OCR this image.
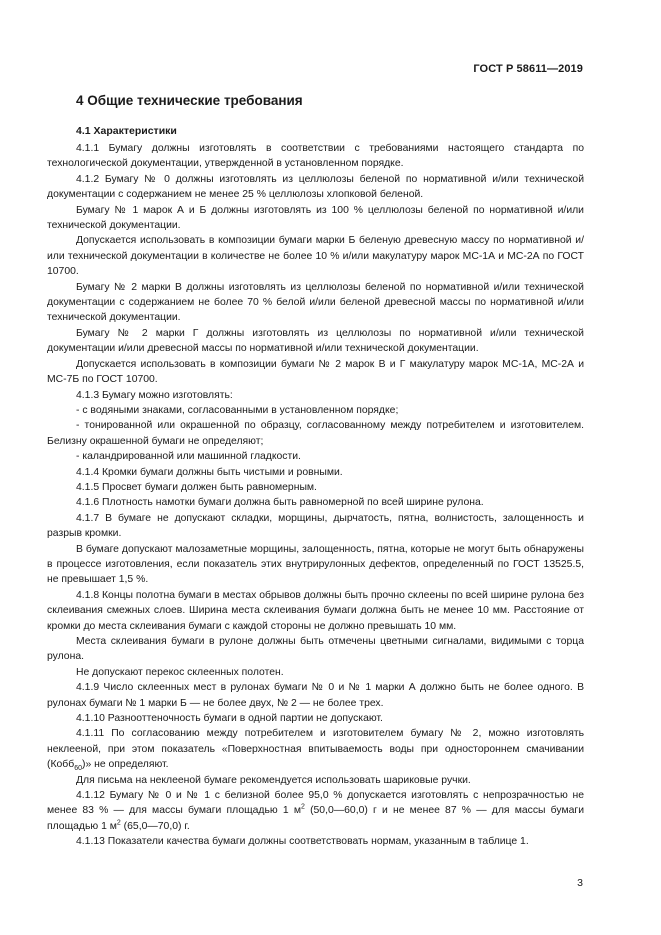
ГОСТ Р 58611—2019
4 Общие технические требования
4.1 Характеристики

4.1.1 Бумагу должны изготовлять в соответствии с требованиями настоящего стандарта по технологической документации, утвержденной в установленном порядке.

4.1.2 Бумагу № 0 должны изготовлять из целлюлозы беленой по нормативной и/или технической документации с содержанием не менее 25 % целлюлозы хлопковой беленой.

Бумагу № 1 марок А и Б должны изготовлять из 100 % целлюлозы беленой по нормативной и/или технической документации.

Допускается использовать в композиции бумаги марки Б беленую древесную массу по нормативной и/или технической документации в количестве не более 10 % и/или макулатуру марок МС-1А и МС-2А по ГОСТ 10700.

Бумагу № 2 марки В должны изготовлять из целлюлозы беленой по нормативной и/или технической документации с содержанием не более 70 % белой и/или беленой древесной массы по нормативной и/или технической документации.

Бумагу № 2 марки Г должны изготовлять из целлюлозы по нормативной и/или технической документации и/или древесной массы по нормативной и/или технической документации.

Допускается использовать в композиции бумаги № 2 марок В и Г макулатуру марок МС-1А, МС-2А и МС-7Б по ГОСТ 10700.

4.1.3 Бумагу можно изготовлять:

- с водяными знаками, согласованными в установленном порядке;

- тонированной или окрашенной по образцу, согласованному между потребителем и изготовителем. Белизну окрашенной бумаги не определяют;

- каландрированной или машинной гладкости.

4.1.4 Кромки бумаги должны быть чистыми и ровными.

4.1.5 Просвет бумаги должен быть равномерным.

4.1.6 Плотность намотки бумаги должна быть равномерной по всей ширине рулона.

4.1.7 В бумаге не допускают складки, морщины, дырчатость, пятна, волнистость, залощенность и разрыв кромки.

В бумаге допускают малозаметные морщины, залощенность, пятна, которые не могут быть обнаружены в процессе изготовления, если показатель этих внутрирулонных дефектов, определенный по ГОСТ 13525.5, не превышает 1,5 %.

4.1.8 Концы полотна бумаги в местах обрывов должны быть прочно склеены по всей ширине рулона без склеивания смежных слоев. Ширина места склеивания бумаги должна быть не менее 10 мм. Расстояние от кромки до места склеивания бумаги с каждой стороны не должно превышать 10 мм.

Места склеивания бумаги в рулоне должны быть отмечены цветными сигналами, видимыми с торца рулона.

Не допускают перекос склеенных полотен.

4.1.9 Число склеенных мест в рулонах бумаги № 0 и № 1 марки А должно быть не более одного. В рулонах бумаги № 1 марки Б — не более двух, № 2 — не более трех.

4.1.10 Разнооттеночность бумаги в одной партии не допускают.

4.1.11 По согласованию между потребителем и изготовителем бумагу № 2, можно изготовлять неклееной, при этом показатель «Поверхностная впитываемость воды при одностороннем смачивании (Кобб$_{60}$)» не определяют.

Для письма на неклееной бумаге рекомендуется использовать шариковые ручки.

4.1.12 Бумагу № 0 и № 1 с белизной более 95,0 % допускается изготовлять с непрозрачностью не менее 83 % — для массы бумаги площадью 1 $м^2$ (50,0—60,0) г и не менее 87 % — для массы бумаги площадью 1 $м^2$ (65,0—70,0) г.

4.1.13 Показатели качества бумаги должны соответствовать нормам, указанным в таблице 1.

3
